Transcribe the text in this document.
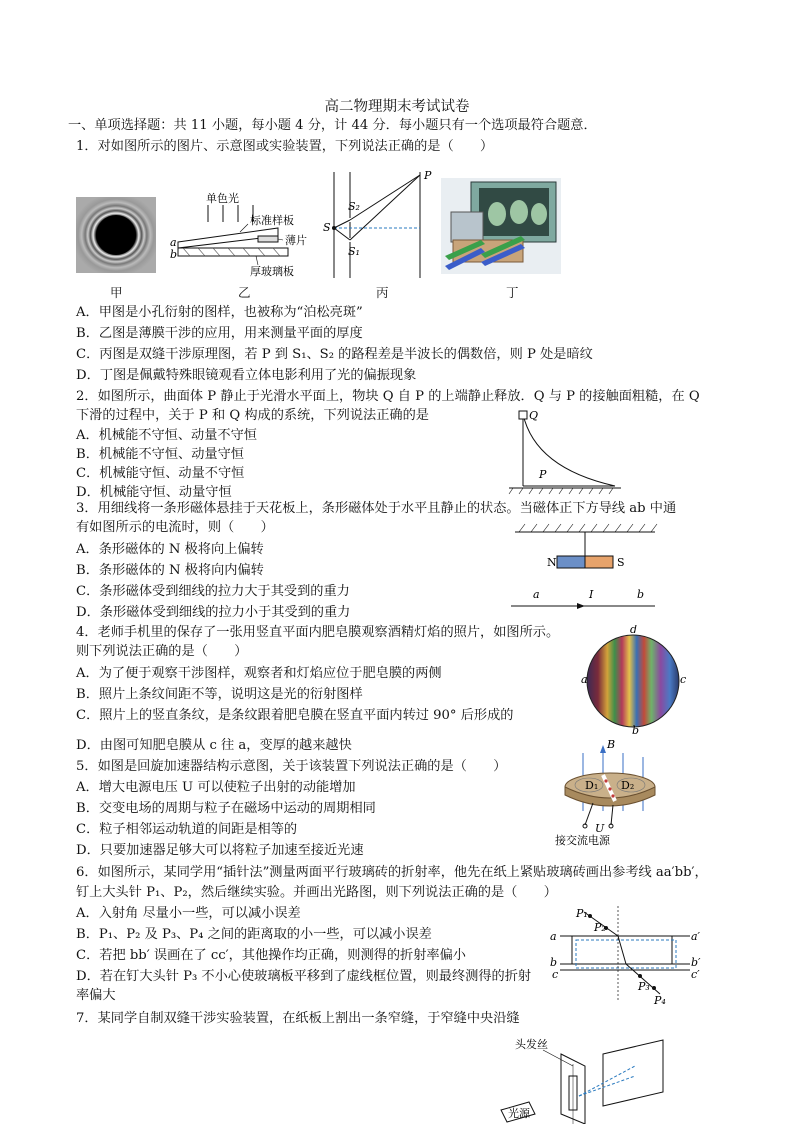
高二物理期末考试试卷
一、单项选择题：共 11 小题，每小题 4 分，计 44 分．每小题只有一个选项最符合题意．
1．对如图所示的图片、示意图或实验装置，下列说法正确的是（　　）
甲
单色光
标准样板
薄片
厚玻璃板
a
b
乙
P
S
S₂
S₁
丙	丁
A．甲图是小孔衍射的图样，也被称为“泊松亮斑”
B．乙图是薄膜干涉的应用，用来测量平面的厚度
C．丙图是双缝干涉原理图，若 P 到 S₁、S₂ 的路程差是半波长的偶数倍，则 P 处是暗纹
D．丁图是佩戴特殊眼镜观看立体电影利用了光的偏振现象
2．如图所示，曲面体 P 静止于光滑水平面上，物块 Q 自 P 的上端静止释放．Q 与 P 的接触面粗糙，在 Q
下滑的过程中，关于 P 和 Q 构成的系统，下列说法正确的是
A．机械能不守恒、动量不守恒
B．机械能不守恒、动量守恒
C．机械能守恒、动量不守恒
D．机械能守恒、动量守恒
Q
P
3．用细线将一条形磁体悬挂于天花板上，条形磁体处于水平且静止的状态。当磁体正下方导线 ab 中通
有如图所示的电流时，则（　　）
A．条形磁体的 N 极将向上偏转
B．条形磁体的 N 极将向内偏转
C．条形磁体受到细线的拉力大于其受到的重力
D．条形磁体受到细线的拉力小于其受到的重力
N	S
a	I	b
4．老师手机里的保存了一张用竖直平面内肥皂膜观察酒精灯焰的照片，如图所示。
则下列说法正确的是（　　）
A．为了便于观察干涉图样，观察者和灯焰应位于肥皂膜的两侧
B．照片上条纹间距不等，说明这是光的衍射图样
C．照片上的竖直条纹，是条纹跟着肥皂膜在竖直平面内转过 90° 后形成的
D．由图可知肥皂膜从 c 往 a，变厚的越来越快
d
a	c
b
5．如图是回旋加速器结构示意图，关于该装置下列说法正确的是（　　）
A．增大电源电压 U 可以使粒子出射的动能增加
B．交变电场的周期与粒子在磁场中运动的周期相同
C．粒子相邻运动轨道的间距是相等的
D．只要加速器足够大可以将粒子加速至接近光速
B
D₁ D₂
U
接交流电源
6．如图所示，某同学用“插针法”测量两面平行玻璃砖的折射率，他先在纸上紧贴玻璃砖画出参考线 aa′bb′，
钉上大头针 P₁、P₂，然后继续实验。并画出光路图，则下列说法正确的是（　　）
A．入射角 尽量小一些，可以减小误差
B．P₁、P₂ 及 P₃、P₄ 之间的距离取的小一些，可以减小误差
C．若把 bb′ 误画在了 cc′，其他操作均正确，则测得的折射率偏小
D．若在钉大头针 P₃ 不小心使玻璃板平移到了虚线框位置，则最终测得的折射
率偏大
P₁
P₂
P₃
P₄
a	a′
b	b′
c	c′
7．某同学自制双缝干涉实验装置，在纸板上割出一条窄缝，于窄缝中央沿缝
头发丝
光源
